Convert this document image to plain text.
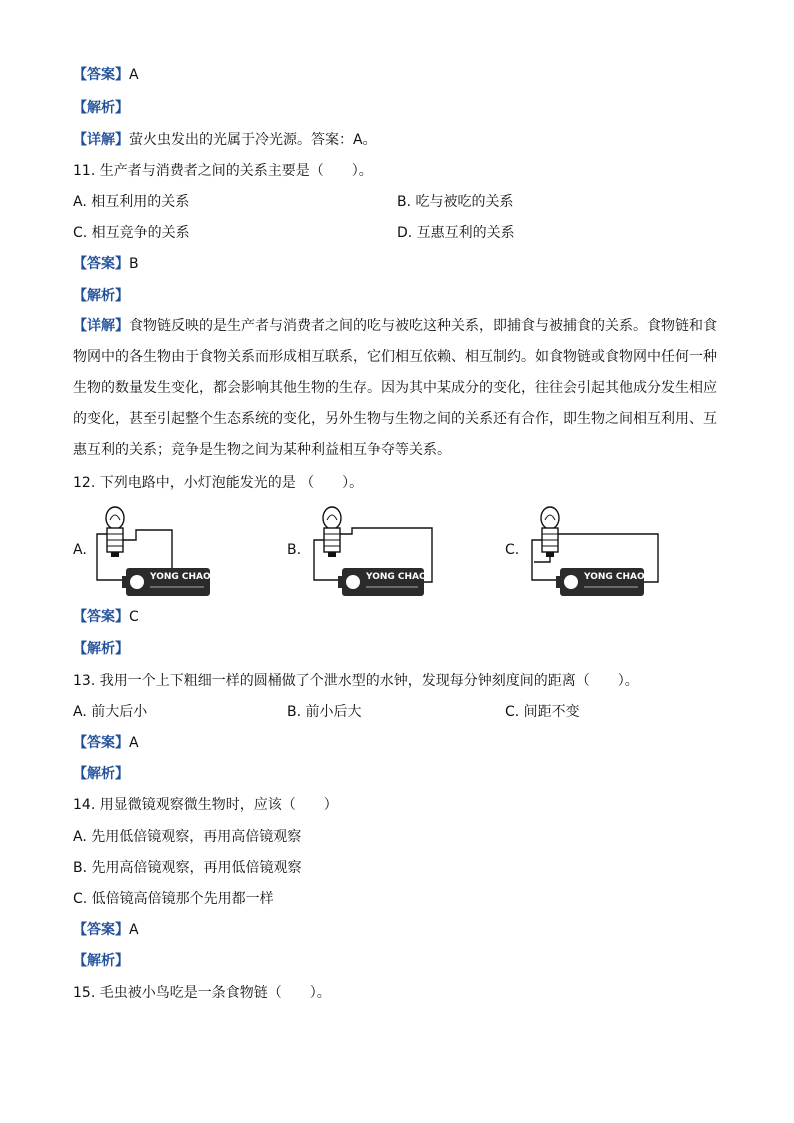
【答案】A
【解析】
【详解】萤火虫发出的光属于冷光源。答案：A。
11. 生产者与消费者之间的关系主要是（　　）。
A. 相互利用的关系	B. 吃与被吃的关系
C. 相互竞争的关系	D. 互惠互利的关系
【答案】B
【解析】
【详解】食物链反映的是生产者与消费者之间的吃与被吃这种关系，即捕食与被捕食的关系。食物链和食物网中的各生物由于食物关系而形成相互联系，它们相互依赖、相互制约。如食物链或食物网中任何一种生物的数量发生变化，都会影响其他生物的生存。因为其中某成分的变化，往往会引起其他成分发生相应的变化，甚至引起整个生态系统的变化，另外生物与生物之间的关系还有合作，即生物之间相互利用、互惠互利的关系；竞争是生物之间为某种利益相互争夺等关系。
12. 下列电路中，小灯泡能发光的是 （　　）。
A.
YONG CHAO
B.
YONG CHAO
C.
YONG CHAO
【答案】C
【解析】
13. 我用一个上下粗细一样的圆桶做了个泄水型的水钟，发现每分钟刻度间的距离（　　）。
A. 前大后小	B. 前小后大	C. 间距不变
【答案】A
【解析】
14. 用显微镜观察微生物时，应该（　　）
A. 先用低倍镜观察，再用高倍镜观察
B. 先用高倍镜观察，再用低倍镜观察
C. 低倍镜高倍镜那个先用都一样
【答案】A
【解析】
15. 毛虫被小鸟吃是一条食物链（　　）。
